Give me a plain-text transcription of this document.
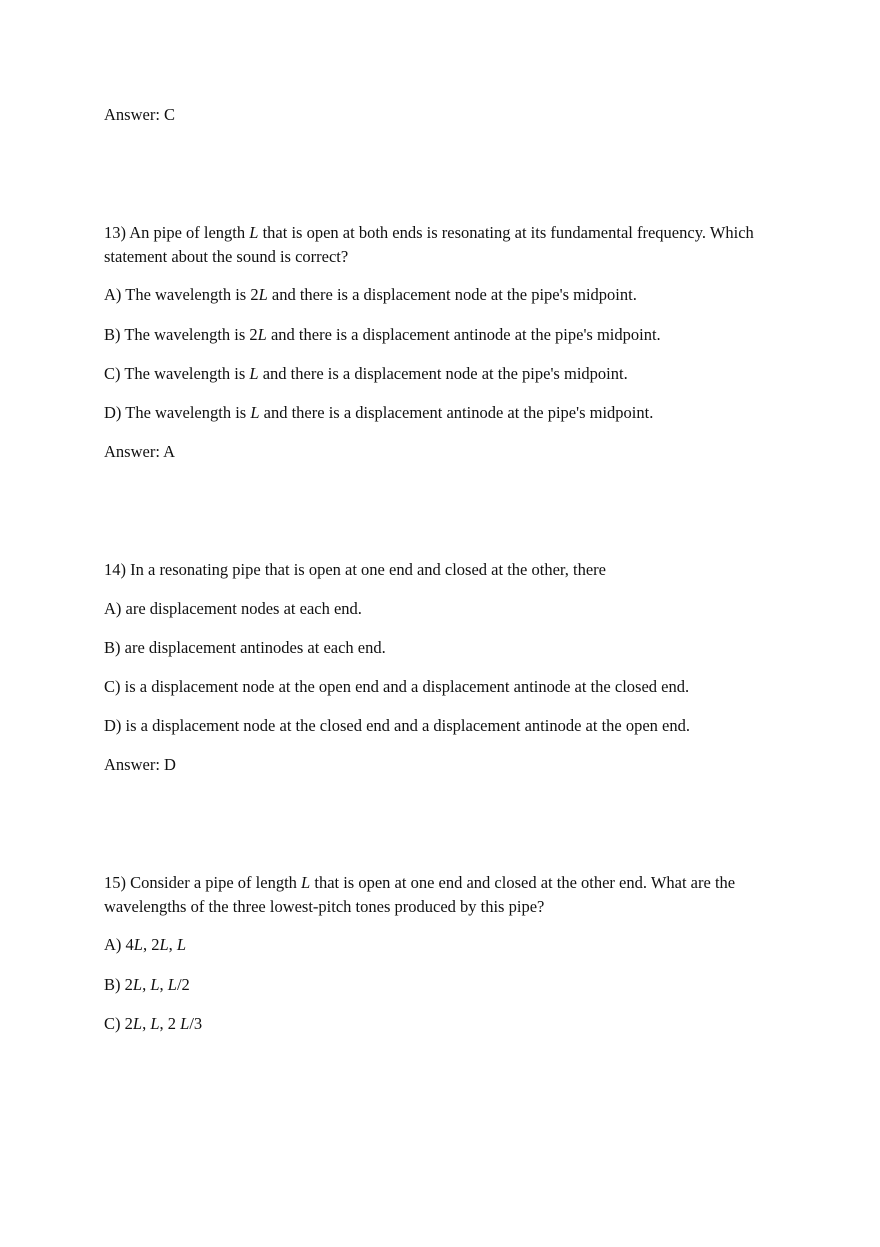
Answer: C
13) An pipe of length L that is open at both ends is resonating at its fundamental frequency. Which statement about the sound is correct?
A) The wavelength is 2L and there is a displacement node at the pipe's midpoint.
B) The wavelength is 2L and there is a displacement antinode at the pipe's midpoint.
C) The wavelength is L and there is a displacement node at the pipe's midpoint.
D) The wavelength is L and there is a displacement antinode at the pipe's midpoint.
Answer: A
14) In a resonating pipe that is open at one end and closed at the other, there
A) are displacement nodes at each end.
B) are displacement antinodes at each end.
C) is a displacement node at the open end and a displacement antinode at the closed end.
D) is a displacement node at the closed end and a displacement antinode at the open end.
Answer: D
15) Consider a pipe of length L that is open at one end and closed at the other end. What are the wavelengths of the three lowest-pitch tones produced by this pipe?
A) 4L, 2L, L
B) 2L, L, L/2
C) 2L, L, 2 L/3
